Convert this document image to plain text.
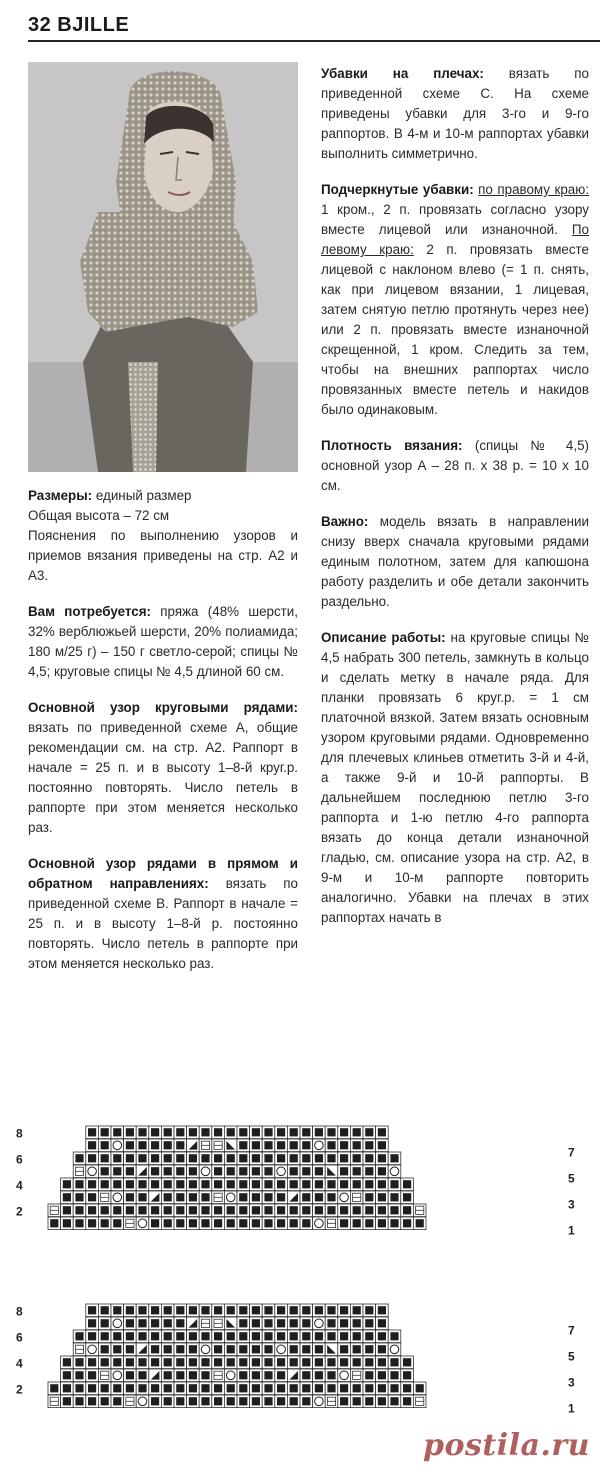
32 BJILLE

Размеры: единый размер
Общая высота – 72 см
Пояснения по выполнению узоров и приемов вязания приведены на стр. А2 и А3.

Вам потребуется: пряжа (48% шерсти, 32% верблюжьей шерсти, 20% полиамида; 180 м/25 г) – 150 г светло-серой; спицы № 4,5; круговые спицы № 4,5 длиной 60 см.

Основной узор круговыми рядами: вязать по приведенной схеме А, общие рекомендации см. на стр. А2. Раппорт в начале = 25 п. и в высоту 1–8-й круг.р. постоянно повторять. Число петель в раппорте при этом меняется несколько раз.

Основной узор рядами в прямом и обратном направлениях: вязать по приведенной схеме В. Раппорт в начале = 25 п. и в высоту 1–8-й р. постоянно повторять. Число петель в раппорте при этом меняется несколько раз.

Убавки на плечах: вязать по приведенной схеме С. На схеме приведены убавки для 3-го и 9-го раппортов. В 4-м и 10-м раппортах убавки выполнить симметрично.

Подчеркнутые убавки: по правому краю: 1 кром., 2 п. провязать согласно узору вместе лицевой или изнаночной. По левому краю: 2 п. провязать вместе лицевой с наклоном влево (= 1 п. снять, как при лицевом вязании, 1 лицевая, затем снятую петлю протянуть через нее) или 2 п. провязать вместе изнаночной скрещенной, 1 кром. Следить за тем, чтобы на внешних раппортах число провязанных вместе петель и накидов было одинаковым.

Плотность вязания: (спицы № 4,5) основной узор А – 28 п. х 38 р. = 10 х 10 см.

Важно: модель вязать в направлении снизу вверх сначала круговыми рядами единым полотном, затем для капюшона работу разделить и обе детали закончить раздельно.

Описание работы: на круговые спицы № 4,5 набрать 300 петель, замкнуть в кольцо и сделать метку в начале ряда. Для планки провязать 6 круг.р. = 1 см платочной вязкой. Затем вязать основным узором круговыми рядами. Одновременно для плечевых клиньев отметить 3-й и 4-й, а также 9-й и 10-й раппорты. В дальнейшем последнюю петлю 3-го раппорта и 1-ю петлю 4-го раппорта вязать до конца детали изнаночной гладью, см. описание узора на стр. А2, в 9-м и 10-м раппорте повторить аналогично. Убавки на плечах в этих раппортах начать в

8
6
4
2
7
5
3
1
8
6
4
2
7
5
3
1
postila.ru
